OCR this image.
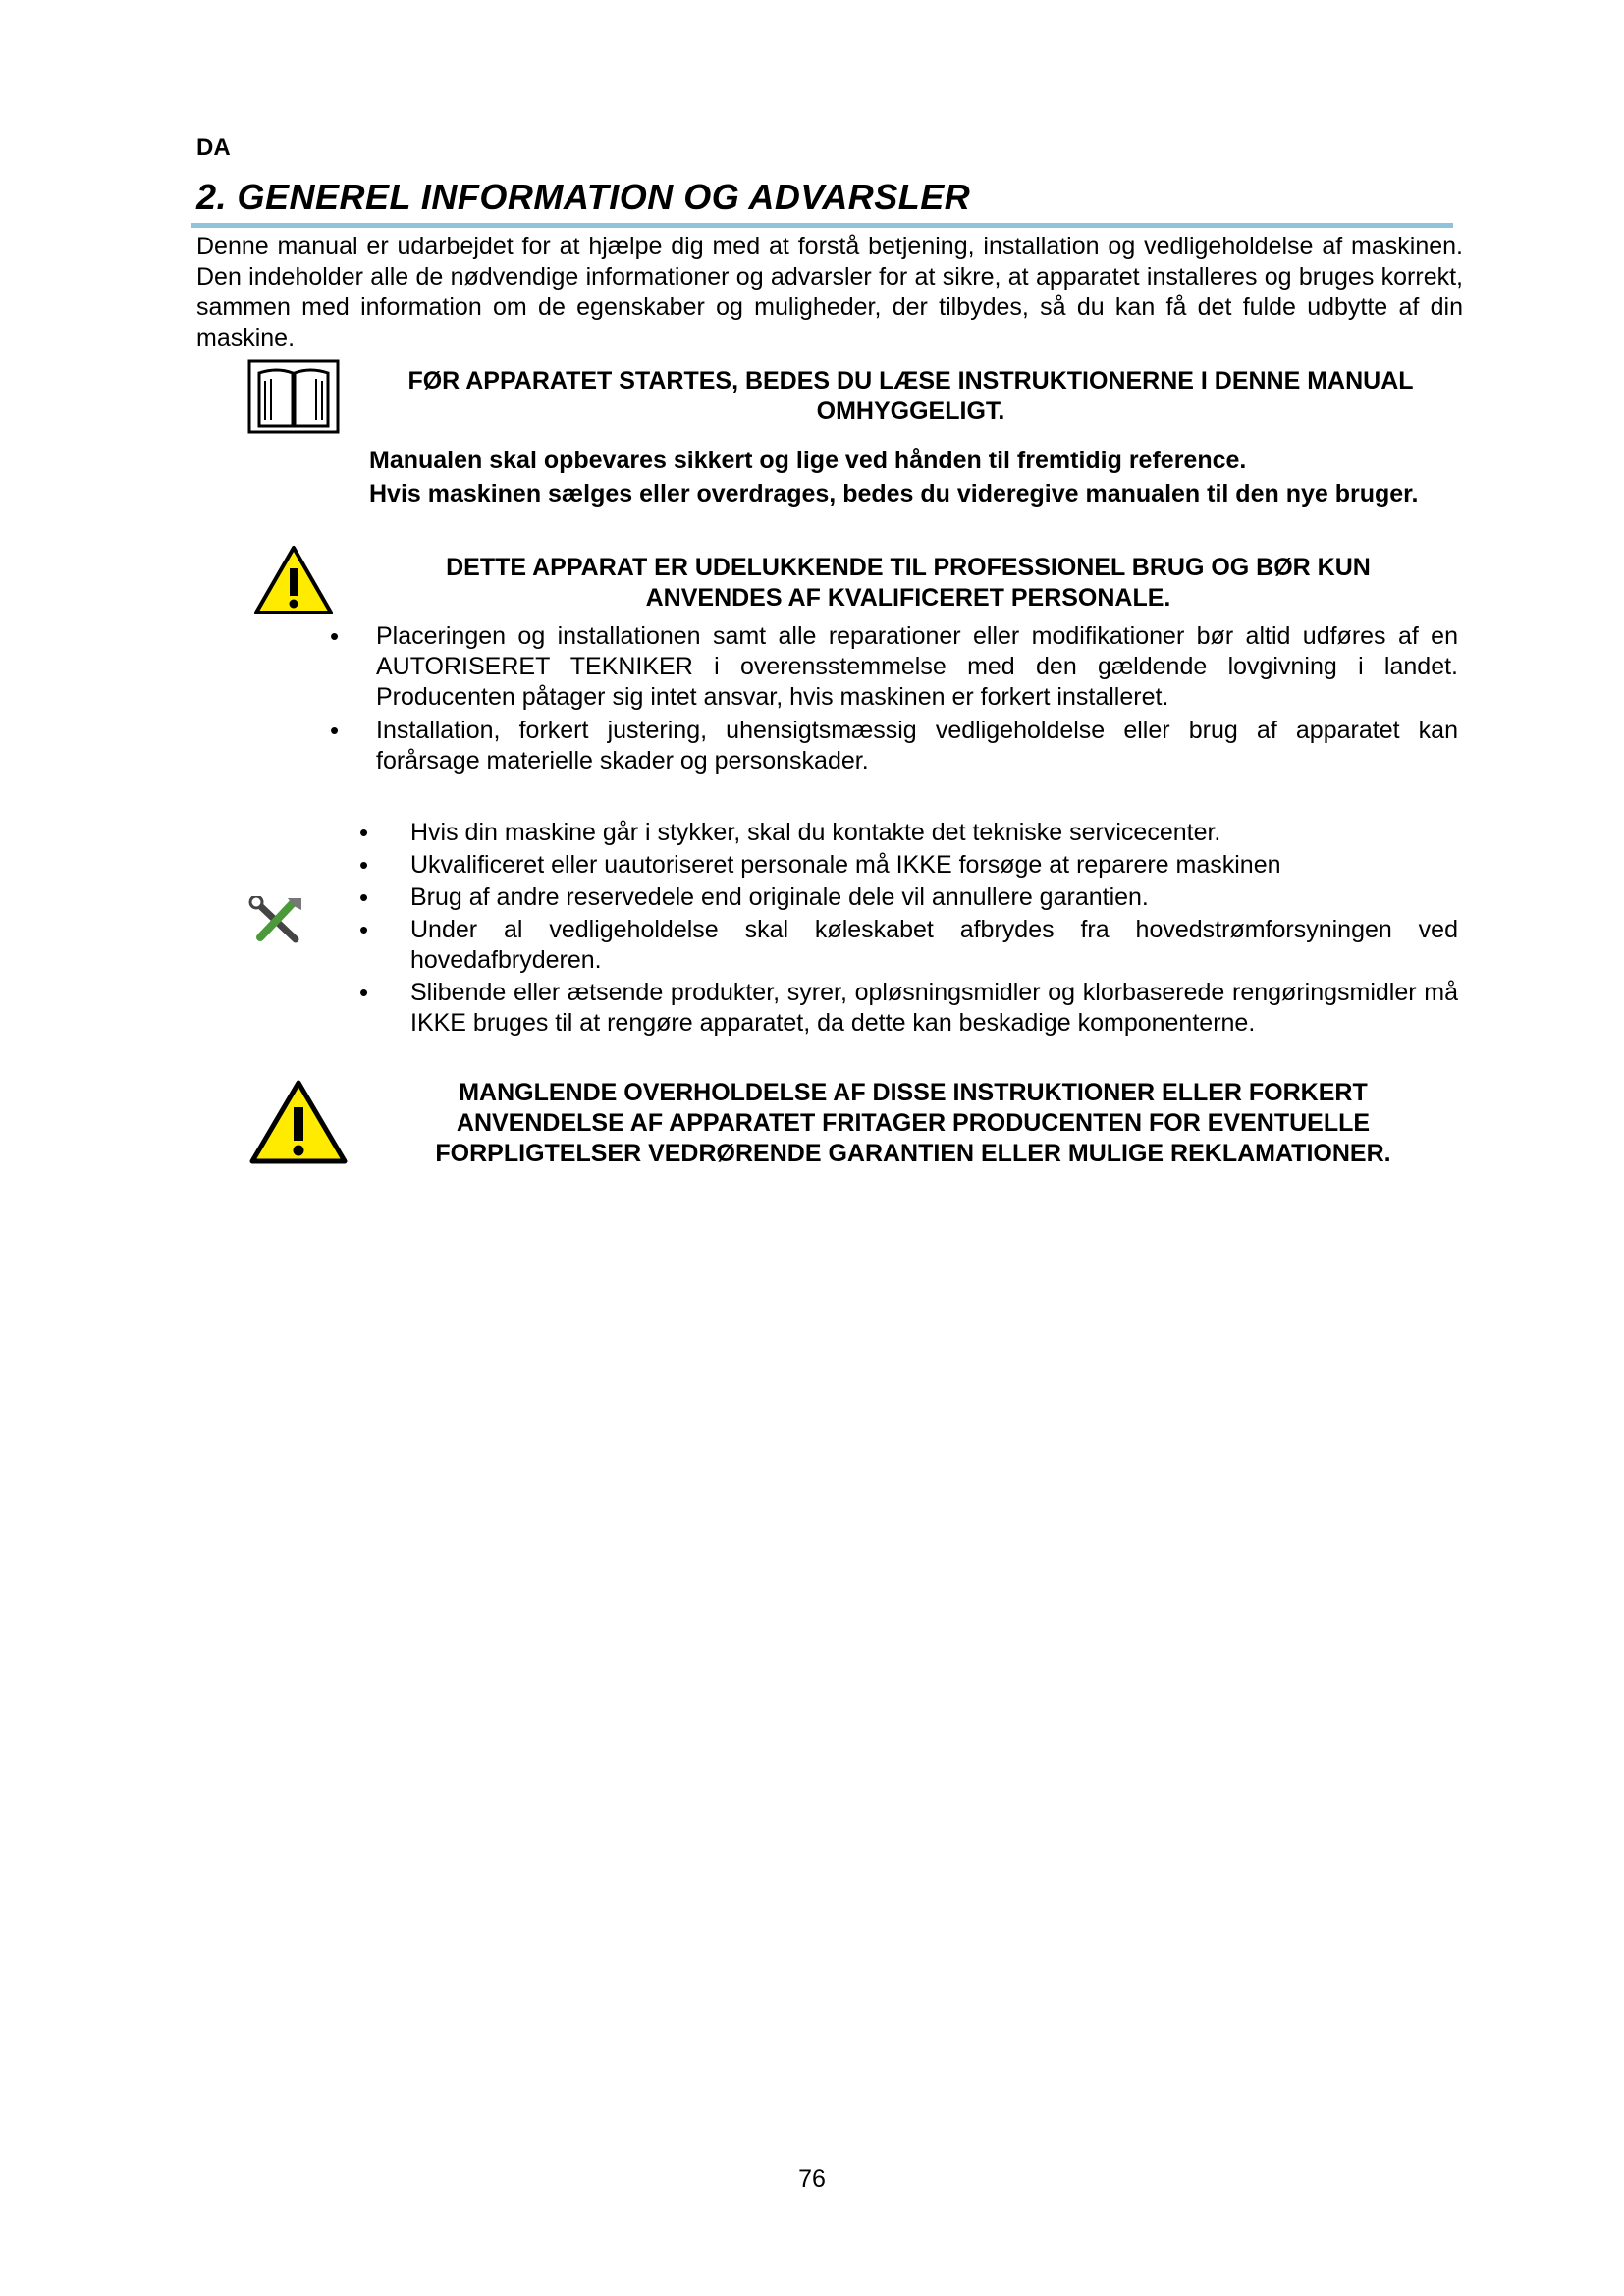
DA
2. GENEREL INFORMATION OG ADVARSLER

Denne manual er udarbejdet for at hjælpe dig med at forstå betjening, installation og vedligeholdelse af maskinen. Den indeholder alle de nødvendige informationer og advarsler for at sikre, at apparatet installeres og bruges korrekt, sammen med information om de egenskaber og muligheder, der tilbydes, så du kan få det fulde udbytte af din maskine.

FØR APPARATET STARTES, BEDES DU LÆSE INSTRUKTIONERNE I DENNE MANUAL OMHYGGELIGT.
Manualen skal opbevares sikkert og lige ved hånden til fremtidig reference.
Hvis maskinen sælges eller overdrages, bedes du videregive manualen til den nye bruger.
DETTE APPARAT ER UDELUKKENDE TIL PROFESSIONEL BRUG OG BØR KUN ANVENDES AF KVALIFICERET PERSONALE.
• Placeringen og installationen samt alle reparationer eller modifikationer bør altid udføres af en AUTORISERET TEKNIKER i overensstemmelse med den gældende lovgivning i landet. Producenten påtager sig intet ansvar, hvis maskinen er forkert installeret.
• Installation, forkert justering, uhensigtsmæssig vedligeholdelse eller brug af apparatet kan forårsage materielle skader og personskader.
• Hvis din maskine går i stykker, skal du kontakte det tekniske servicecenter.
• Ukvalificeret eller uautoriseret personale må IKKE forsøge at reparere maskinen
• Brug af andre reservedele end originale dele vil annullere garantien.
• Under al vedligeholdelse skal køleskabet afbrydes fra hovedstrømforsyningen ved hovedafbryderen.
• Slibende eller ætsende produkter, syrer, opløsningsmidler og klorbaserede rengøringsmidler må IKKE bruges til at rengøre apparatet, da dette kan beskadige komponenterne.
MANGLENDE OVERHOLDELSE AF DISSE INSTRUKTIONER ELLER FORKERT ANVENDELSE AF APPARATET FRITAGER PRODUCENTEN FOR EVENTUELLE FORPLIGTELSER VEDRØRENDE GARANTIEN ELLER MULIGE REKLAMATIONER.
76
